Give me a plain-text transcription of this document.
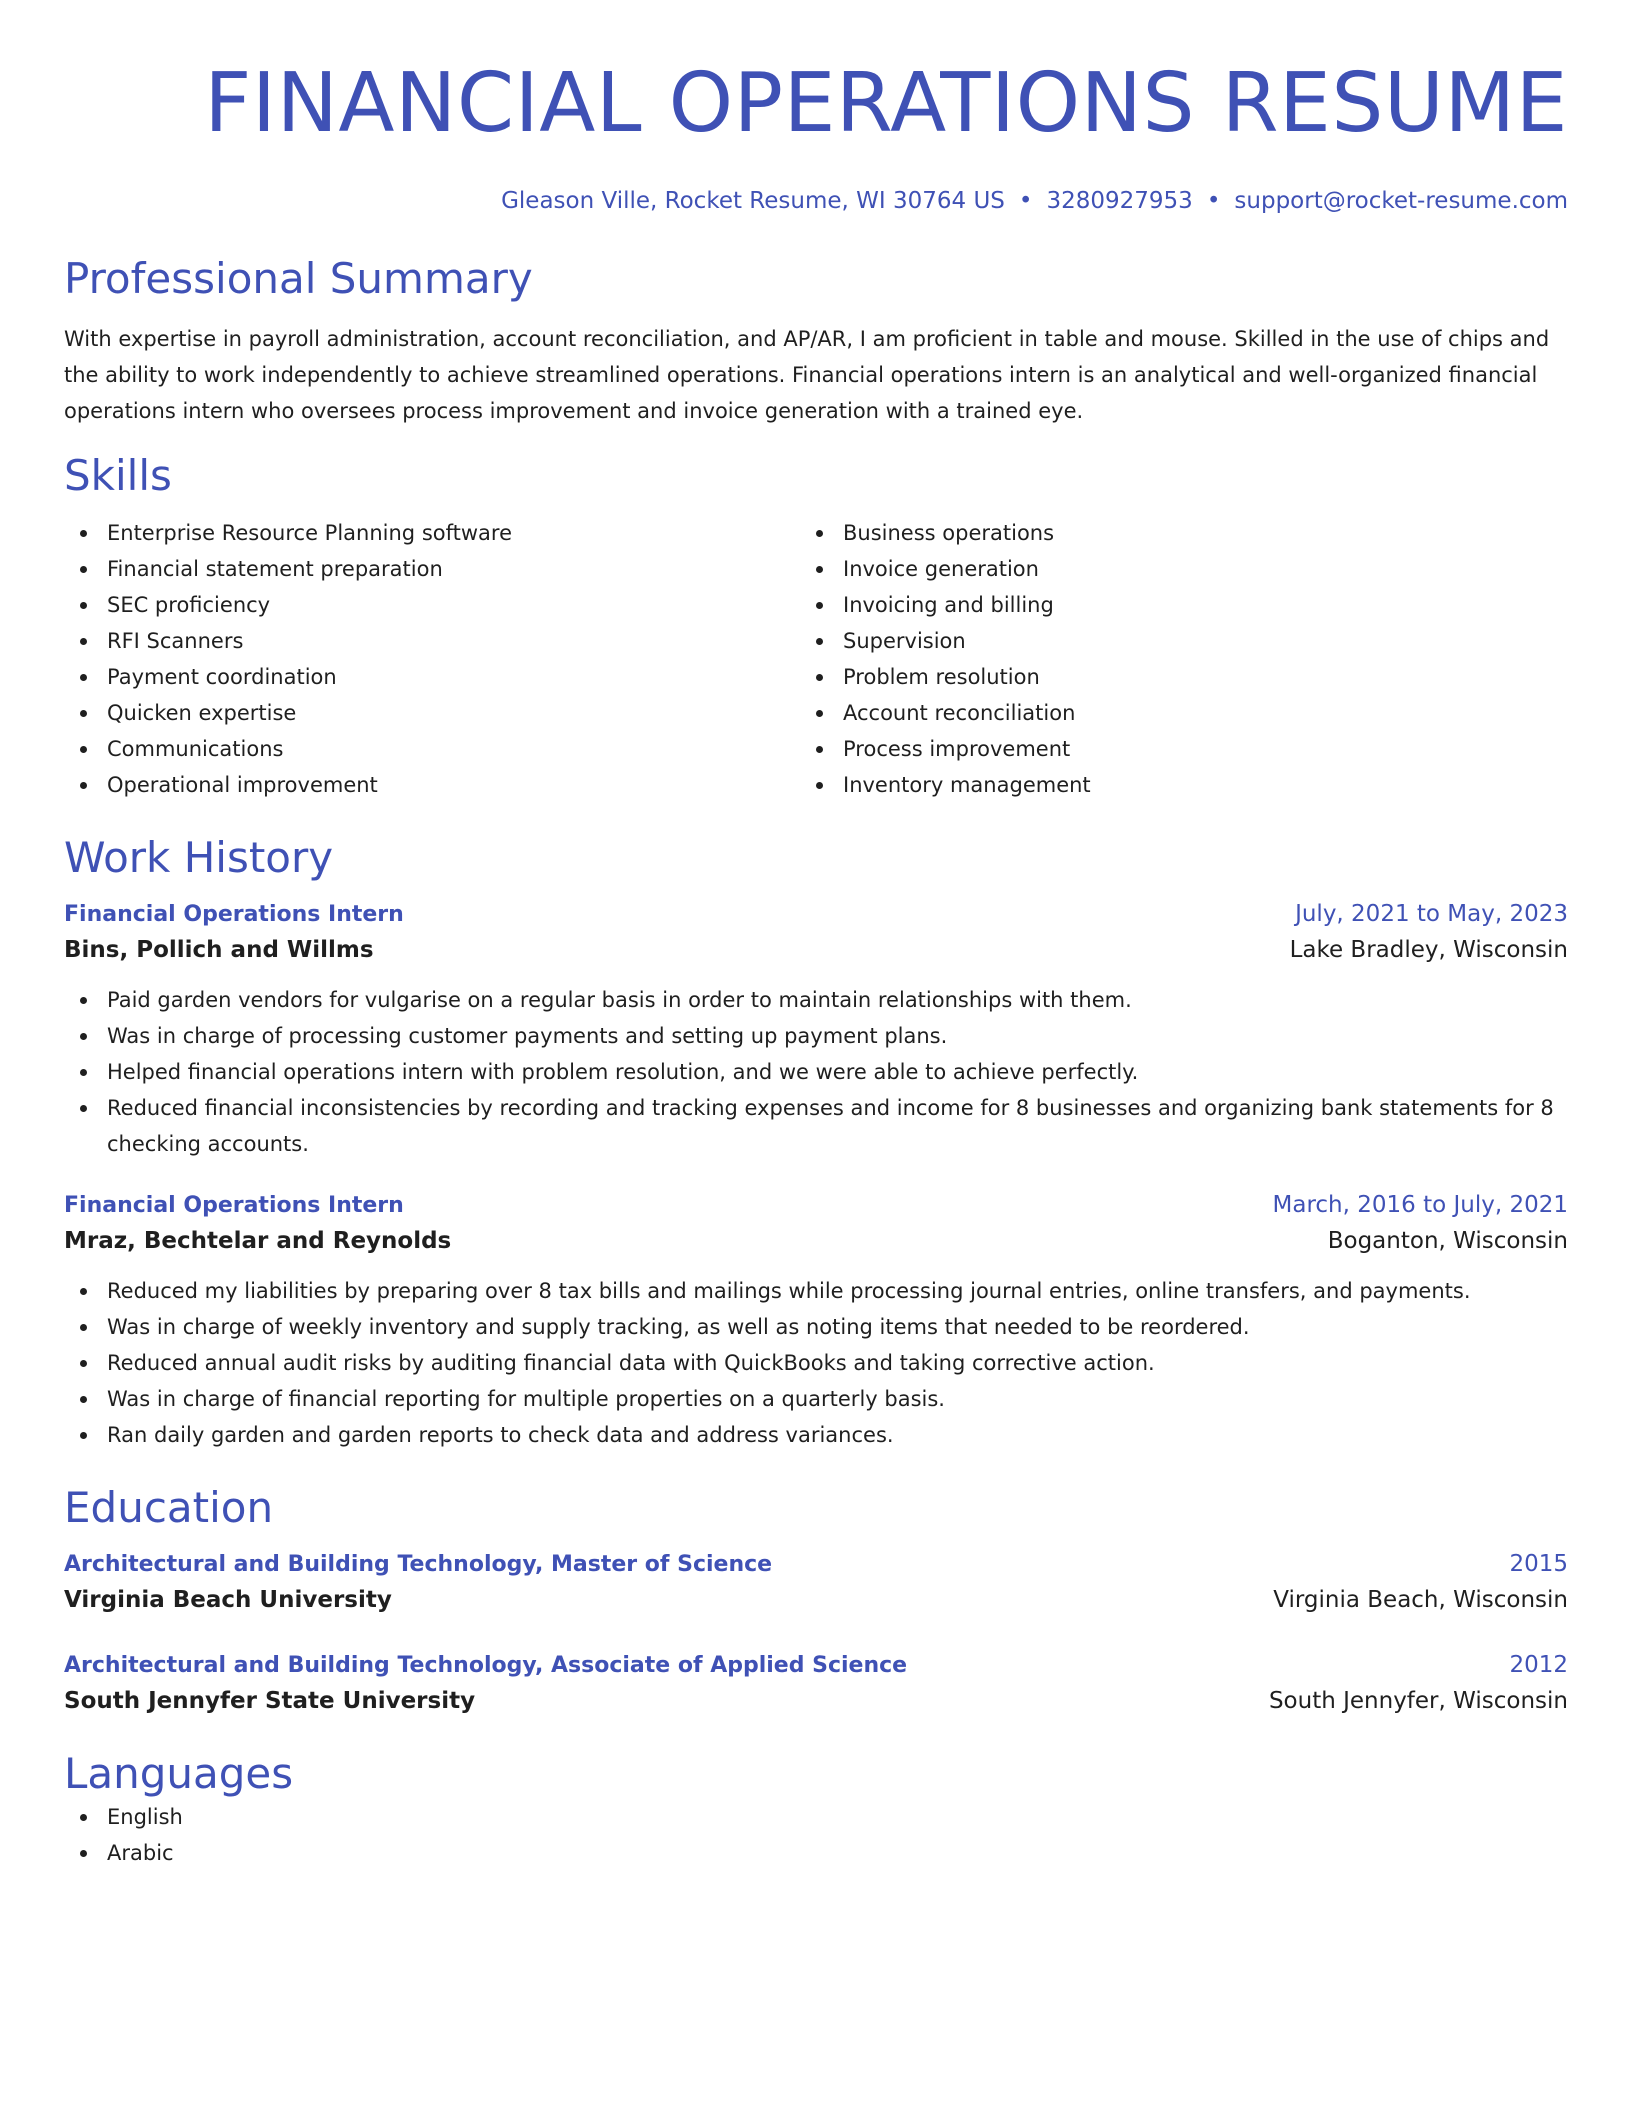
FINANCIAL OPERATIONS RESUME
Gleason Ville, Rocket Resume, WI 30764 US • 3280927953 • support@rocket-resume.com
Professional Summary
With expertise in payroll administration, account reconciliation, and AP/AR, I am proficient in table and mouse. Skilled in the use of chips and the ability to work independently to achieve streamlined operations. Financial operations intern is an analytical and well-organized financial operations intern who oversees process improvement and invoice generation with a trained eye.
Skills
Enterprise Resource Planning software
Financial statement preparation
SEC proficiency
RFI Scanners
Payment coordination
Quicken expertise
Communications
Operational improvement
Business operations
Invoice generation
Invoicing and billing
Supervision
Problem resolution
Account reconciliation
Process improvement
Inventory management
Work History
Financial Operations Intern	July, 2021 to May, 2023
Bins, Pollich and Willms	Lake Bradley, Wisconsin
Paid garden vendors for vulgarise on a regular basis in order to maintain relationships with them.
Was in charge of processing customer payments and setting up payment plans.
Helped financial operations intern with problem resolution, and we were able to achieve perfectly.
Reduced financial inconsistencies by recording and tracking expenses and income for 8 businesses and organizing bank statements for 8 checking accounts.
Financial Operations Intern	March, 2016 to July, 2021
Mraz, Bechtelar and Reynolds	Boganton, Wisconsin
Reduced my liabilities by preparing over 8 tax bills and mailings while processing journal entries, online transfers, and payments.
Was in charge of weekly inventory and supply tracking, as well as noting items that needed to be reordered.
Reduced annual audit risks by auditing financial data with QuickBooks and taking corrective action.
Was in charge of financial reporting for multiple properties on a quarterly basis.
Ran daily garden and garden reports to check data and address variances.
Education
Architectural and Building Technology, Master of Science	2015
Virginia Beach University	Virginia Beach, Wisconsin
Architectural and Building Technology, Associate of Applied Science	2012
South Jennyfer State University	South Jennyfer, Wisconsin
Languages
English
Arabic
